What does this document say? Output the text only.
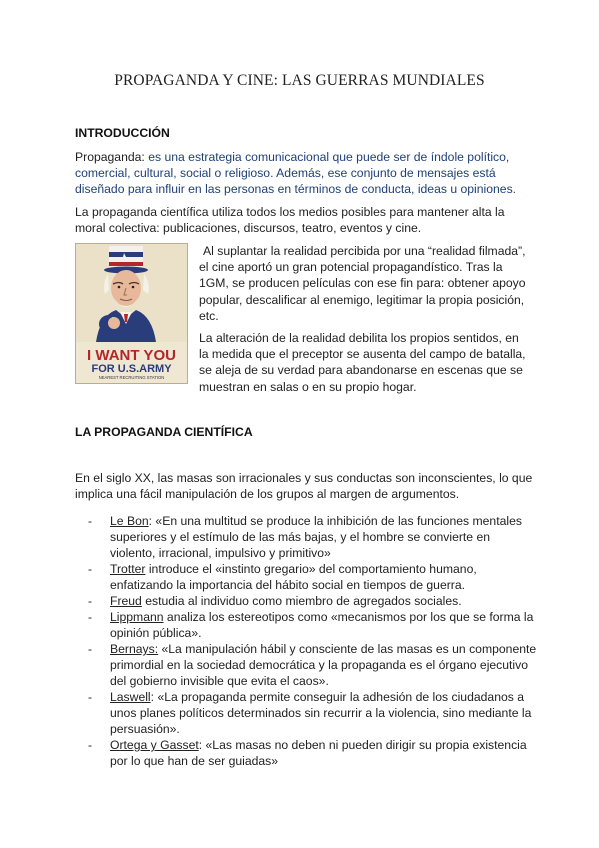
PROPAGANDA Y CINE: LAS GUERRAS MUNDIALES
INTRODUCCIÓN

Propaganda: es una estrategia comunicacional que puede ser de índole político, comercial, cultural, social o religioso. Además, ese conjunto de mensajes está diseñado para influir en las personas en términos de conducta, ideas u opiniones.

La propaganda científica utiliza todos los medios posibles para mantener alta la moral colectiva: publicaciones, discursos, teatro, eventos y cine.

I WANT YOU
FOR U.S.ARMY
NEAREST RECRUITING STATION

Al suplantar la realidad percibida por una “realidad filmada”, el cine aportó un gran potencial propagandístico. Tras la 1GM, se producen películas con ese fin para: obtener apoyo popular, descalificar al enemigo, legitimar la propia posición, etc.

La alteración de la realidad debilita los propios sentidos, en la medida que el preceptor se ausenta del campo de batalla, se aleja de su verdad para abandonarse en escenas que se muestran en salas o en su propio hogar.

LA PROPAGANDA CIENTÍFICA

En el siglo XX, las masas son irracionales y sus conductas son inconscientes, lo que implica una fácil manipulación de los grupos al margen de argumentos.

- Le Bon: «En una multitud se produce la inhibición de las funciones mentales superiores y el estímulo de las más bajas, y el hombre se convierte en violento, irracional, impulsivo y primitivo»
- Trotter introduce el «instinto gregario» del comportamiento humano, enfatizando la importancia del hábito social en tiempos de guerra.
- Freud estudia al individuo como miembro de agregados sociales.
- Lippmann analiza los estereotipos como «mecanismos por los que se forma la opinión pública».
- Bernays: «La manipulación hábil y consciente de las masas es un componente primordial en la sociedad democrática y la propaganda es el órgano ejecutivo del gobierno invisible que evita el caos».
- Laswell: «La propaganda permite conseguir la adhesión de los ciudadanos a unos planes políticos determinados sin recurrir a la violencia, sino mediante la persuasión».
- Ortega y Gasset: «Las masas no deben ni pueden dirigir su propia existencia por lo que han de ser guiadas»
